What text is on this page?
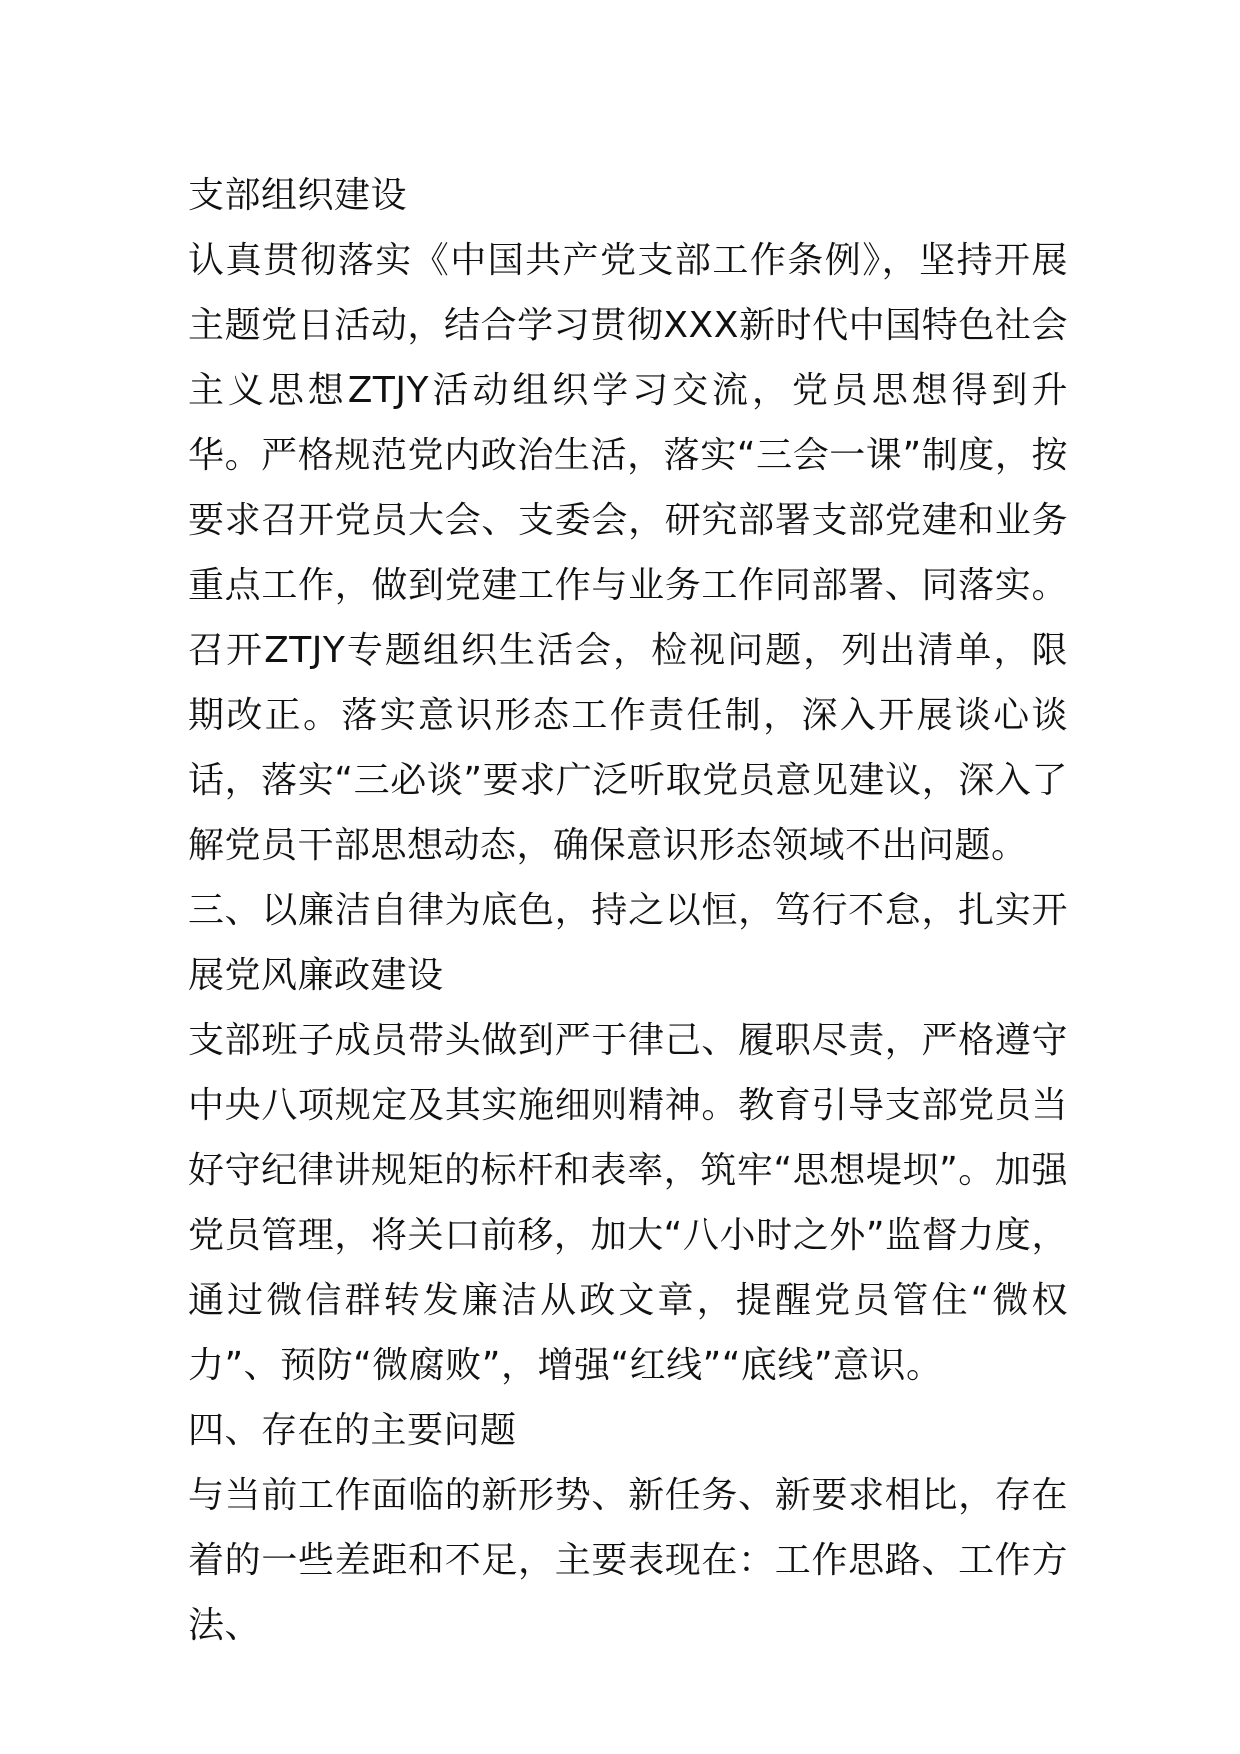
支部组织建设

认真贯彻落实《中国共产党支部工作条例》，坚持开展主题党日活动，结合学习贯彻XXX新时代中国特色社会主义思想ZTJY活动组织学习交流，党员思想得到升华。严格规范党内政治生活，落实“三会一课”制度，按要求召开党员大会、支委会，研究部署支部党建和业务重点工作，做到党建工作与业务工作同部署、同落实。召开ZTJY专题组织生活会，检视问题，列出清单，限期改正。落实意识形态工作责任制，深入开展谈心谈话，落实“三必谈”要求广泛听取党员意见建议，深入了解党员干部思想动态，确保意识形态领域不出问题。

三、以廉洁自律为底色，持之以恒，笃行不怠，扎实开展党风廉政建设

支部班子成员带头做到严于律己、履职尽责，严格遵守中央八项规定及其实施细则精神。教育引导支部党员当好守纪律讲规矩的标杆和表率，筑牢“思想堤坝”。加强党员管理，将关口前移，加大“八小时之外”监督力度，通过微信群转发廉洁从政文章，提醒党员管住“微权力”、预防“微腐败”，增强“红线”“底线”意识。

四、存在的主要问题

与当前工作面临的新形势、新任务、新要求相比，存在着的一些差距和不足，主要表现在：工作思路、工作方法、
